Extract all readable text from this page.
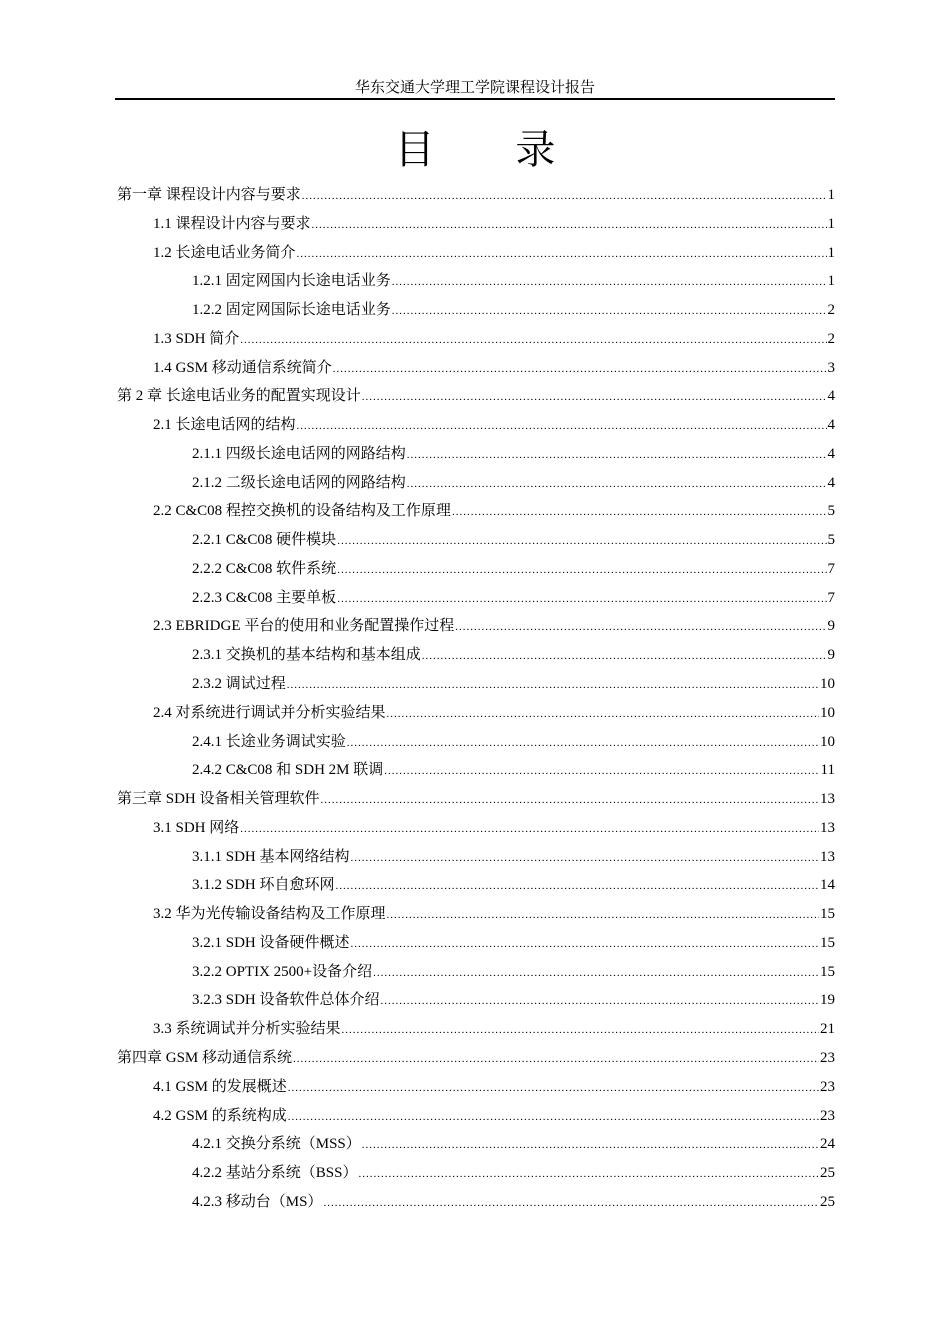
华东交通大学理工学院课程设计报告
目 录
第一章 课程设计内容与要求 .....	1
1.1 课程设计内容与要求 .....	1
1.2 长途电话业务简介 .....	1
1.2.1 固定网国内长途电话业务 .....	1
1.2.2 固定网国际长途电话业务 .....	2
1.3 SDH 简介 .....	2
1.4 GSM 移动通信系统简介 .....	3
第 2 章 长途电话业务的配置实现设计 .....	4
2.1 长途电话网的结构 .....	4
2.1.1 四级长途电话网的网路结构 .....	4
2.1.2 二级长途电话网的网路结构 .....	4
2.2 C&C08 程控交换机的设备结构及工作原理 .....	5
2.2.1 C&C08 硬件模块 .....	5
2.2.2 C&C08 软件系统 .....	7
2.2.3 C&C08 主要单板 .....	7
2.3 EBRIDGE 平台的使用和业务配置操作过程 .....	9
2.3.1 交换机的基本结构和基本组成 .....	9
2.3.2 调试过程 .....	10
2.4 对系统进行调试并分析实验结果 .....	10
2.4.1 长途业务调试实验 .....	10
2.4.2 C&C08 和 SDH 2M 联调 .....	11
第三章 SDH 设备相关管理软件 .....	13
3.1 SDH 网络 .....	13
3.1.1 SDH 基本网络结构 .....	13
3.1.2 SDH 环自愈环网 .....	14
3.2 华为光传输设备结构及工作原理 .....	15
3.2.1 SDH 设备硬件概述 .....	15
3.2.2 OPTIX 2500+设备介绍 .....	15
3.2.3 SDH 设备软件总体介绍 .....	19
3.3 系统调试并分析实验结果 .....	21
第四章 GSM 移动通信系统 .....	23
4.1 GSM 的发展概述 .....	23
4.2 GSM 的系统构成 .....	23
4.2.1 交换分系统（MSS） .....	24
4.2.2 基站分系统（BSS） .....	25
4.2.3 移动台（MS） .....	25
